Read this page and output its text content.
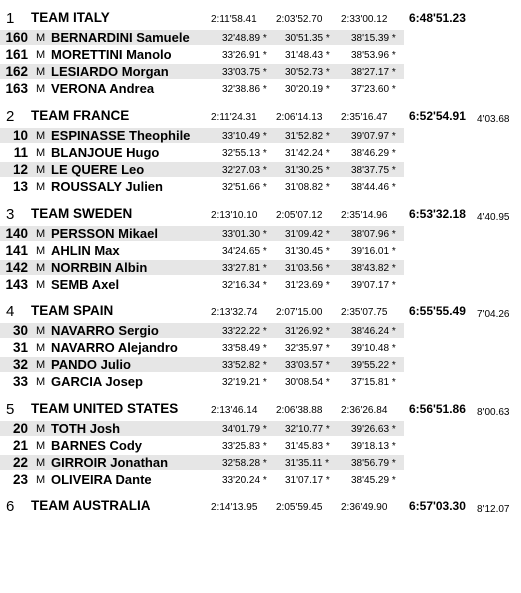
1 TEAM ITALY	2:11'58.41 2:03'52.70 2:33'00.12 6:48'51.23
160 M BERNARDINI Samuele	32'48.89 * 30'51.35 * 38'15.39 *
161 M MORETTINI Manolo	33'26.91 * 31'48.43 * 38'53.96 *
162 M LESIARDO Morgan	33'03.75 * 30'52.73 * 38'27.17 *
163 M VERONA Andrea	32'38.86 * 30'20.19 * 37'23.60 *
2 TEAM FRANCE	2:11'24.31 2:06'14.13 2:35'16.47 6:52'54.91 4'03.68
10 M ESPINASSE Theophile	33'10.49 * 31'52.82 * 39'07.97 *
11 M BLANJOUE Hugo	32'55.13 * 31'42.24 * 38'46.29 *
12 M LE QUERE Leo	32'27.03 * 31'30.25 * 38'37.75 *
13 M ROUSSALY Julien	32'51.66 * 31'08.82 * 38'44.46 *
3 TEAM SWEDEN	2:13'10.10 2:05'07.12 2:35'14.96 6:53'32.18 4'40.95
140 M PERSSON Mikael	33'01.30 * 31'09.42 * 38'07.96 *
141 M AHLIN Max	34'24.65 * 31'30.45 * 39'16.01 *
142 M NORRBIN Albin	33'27.81 * 31'03.56 * 38'43.82 *
143 M SEMB Axel	32'16.34 * 31'23.69 * 39'07.17 *
4 TEAM SPAIN	2:13'32.74 2:07'15.00 2:35'07.75 6:55'55.49 7'04.26
30 M NAVARRO Sergio	33'22.22 * 31'26.92 * 38'46.24 *
31 M NAVARRO Alejandro	33'58.49 * 32'35.97 * 39'10.48 *
32 M PANDO Julio	33'52.82 * 33'03.57 * 39'55.22 *
33 M GARCIA Josep	32'19.21 * 30'08.54 * 37'15.81 *
5 TEAM UNITED STATES	2:13'46.14 2:06'38.88 2:36'26.84 6:56'51.86 8'00.63
20 M TOTH Josh	34'01.79 * 32'10.77 * 39'26.63 *
21 M BARNES Cody	33'25.83 * 31'45.83 * 39'18.13 *
22 M GIRROIR Jonathan	32'58.28 * 31'35.11 * 38'56.79 *
23 M OLIVEIRA Dante	33'20.24 * 31'07.17 * 38'45.29 *
6 TEAM AUSTRALIA	2:14'13.95 2:05'59.45 2:36'49.90 6:57'03.30 8'12.07
